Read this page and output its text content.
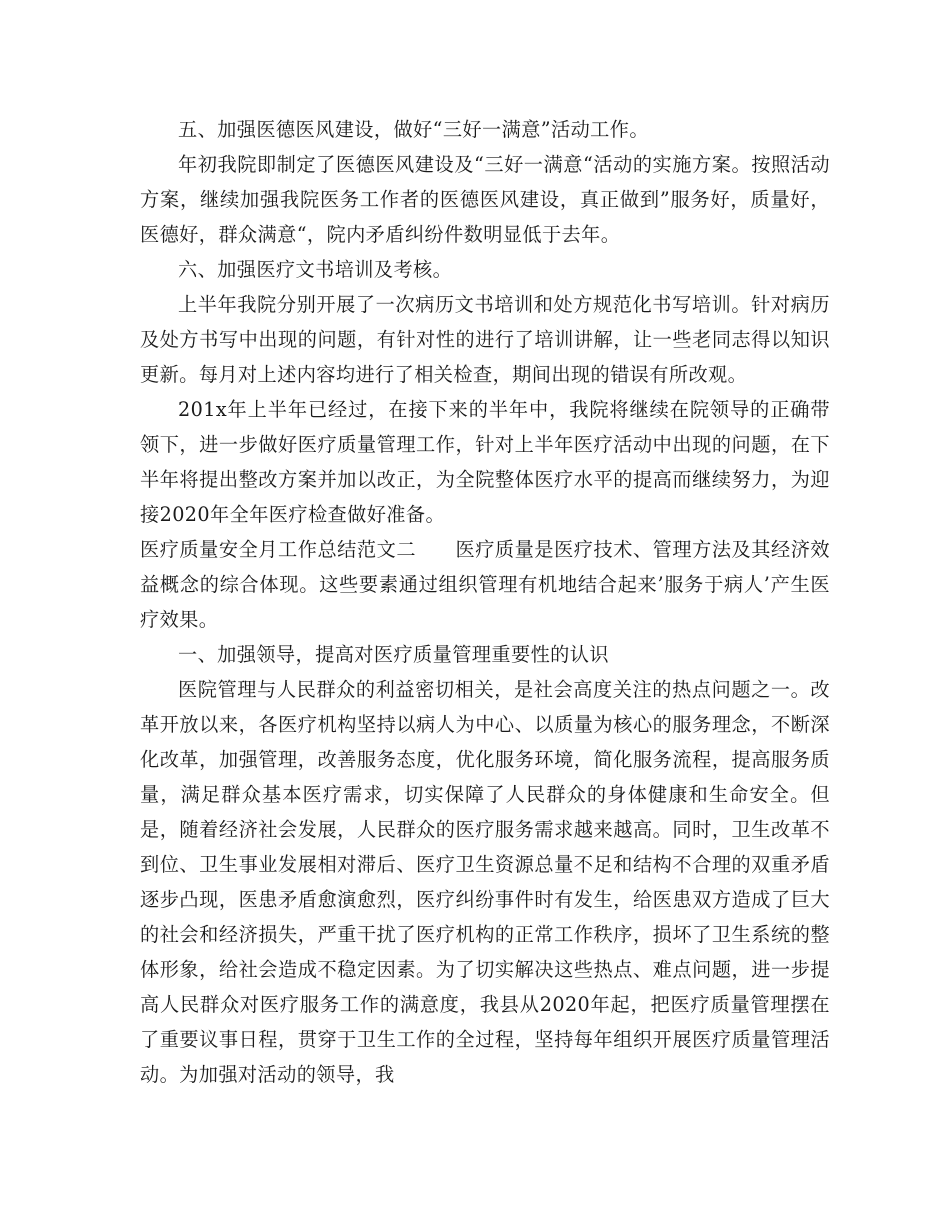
五、加强医德医风建设，做好“三好一满意”活动工作。

年初我院即制定了医德医风建设及“三好一满意“活动的实施方案。按照活动方案，继续加强我院医务工作者的医德医风建设，真正做到”服务好，质量好，医德好，群众满意“，院内矛盾纠纷件数明显低于去年。

六、加强医疗文书培训及考核。

上半年我院分别开展了一次病历文书培训和处方规范化书写培训。针对病历及处方书写中出现的问题，有针对性的进行了培训讲解，让一些老同志得以知识更新。每月对上述内容均进行了相关检查，期间出现的错误有所改观。

201x年上半年已经过，在接下来的半年中，我院将继续在院领导的正确带领下，进一步做好医疗质量管理工作，针对上半年医疗活动中出现的问题，在下半年将提出整改方案并加以改正，为全院整体医疗水平的提高而继续努力，为迎接2020年全年医疗检查做好准备。

医疗质量安全月工作总结范文二　　医疗质量是医疗技术、管理方法及其经济效益概念的综合体现。这些要素通过组织管理有机地结合起来’服务于病人’产生医疗效果。

一、加强领导，提高对医疗质量管理重要性的认识

医院管理与人民群众的利益密切相关，是社会高度关注的热点问题之一。改革开放以来，各医疗机构坚持以病人为中心、以质量为核心的服务理念，不断深化改革，加强管理，改善服务态度，优化服务环境，简化服务流程，提高服务质量，满足群众基本医疗需求，切实保障了人民群众的身体健康和生命安全。但是，随着经济社会发展，人民群众的医疗服务需求越来越高。同时，卫生改革不到位、卫生事业发展相对滞后、医疗卫生资源总量不足和结构不合理的双重矛盾逐步凸现，医患矛盾愈演愈烈，医疗纠纷事件时有发生，给医患双方造成了巨大的社会和经济损失，严重干扰了医疗机构的正常工作秩序，损坏了卫生系统的整体形象，给社会造成不稳定因素。为了切实解决这些热点、难点问题，进一步提高人民群众对医疗服务工作的满意度，我县从2020年起，把医疗质量管理摆在了重要议事日程，贯穿于卫生工作的全过程，坚持每年组织开展医疗质量管理活动。为加强对活动的领导，我
